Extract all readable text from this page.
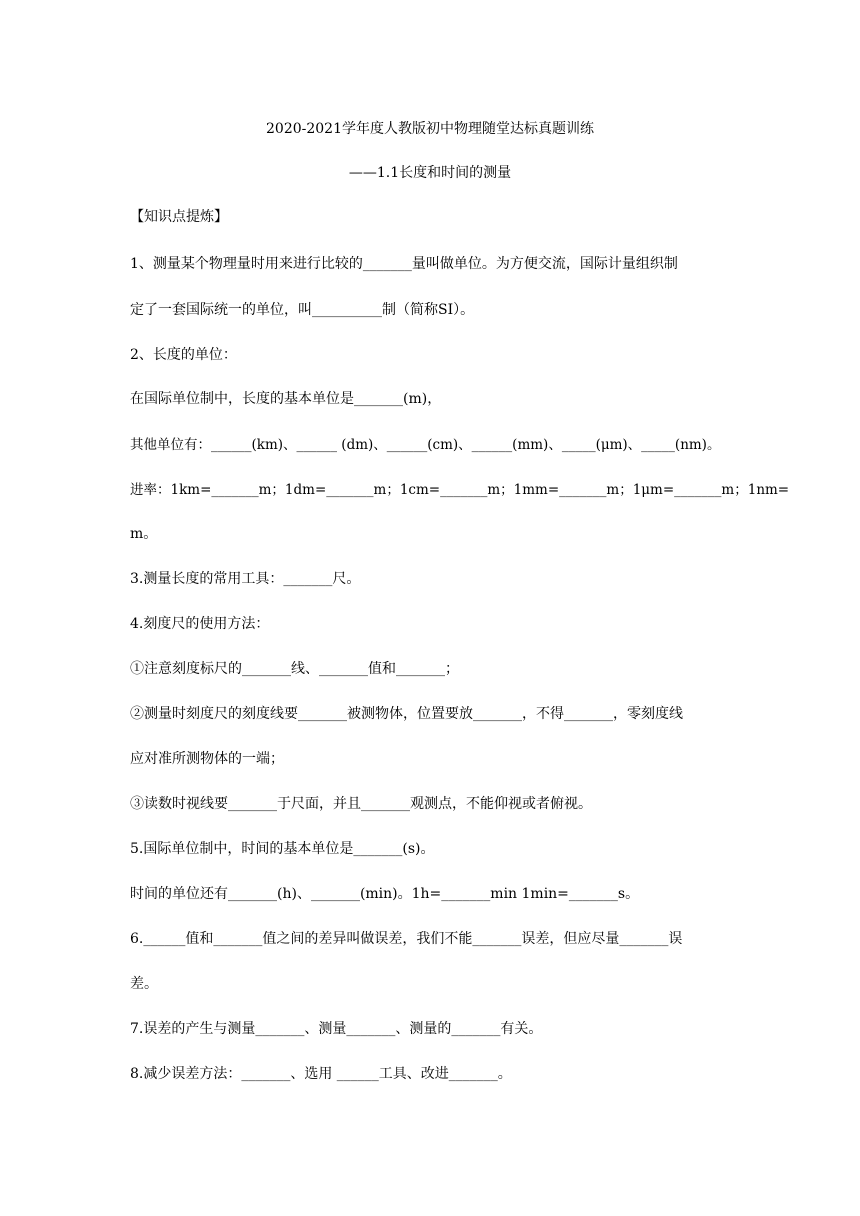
2020-2021学年度人教版初中物理随堂达标真题训练
——1.1长度和时间的测量
【知识点提炼】
1、测量某个物理量时用来进行比较的_______量叫做单位。为方便交流，国际计量组织制
定了一套国际统一的单位，叫__________制（简称SI）。
2、长度的单位：
在国际单位制中，长度的基本单位是_______(m)，
其他单位有：______(km)、______ (dm)、______(cm)、______(mm)、_____(μm)、_____(nm)。
进率：1km=_______m；1dm=_______m；1cm=_______m；1mm=_______m；1μm=_______m；1nm=
m。
3.测量长度的常用工具：_______尺。
4.刻度尺的使用方法：
①注意刻度标尺的_______线、_______值和_______；
②测量时刻度尺的刻度线要_______被测物体，位置要放_______，不得_______，零刻度线
应对准所测物体的一端；
③读数时视线要_______于尺面，并且_______观测点，不能仰视或者俯视。
5.国际单位制中，时间的基本单位是_______(s)。
时间的单位还有_______(h)、_______(min)。1h=_______min 1min=_______s。
6.______值和_______值之间的差异叫做误差，我们不能_______误差，但应尽量_______误
差。
7.误差的产生与测量_______、测量_______、测量的_______有关。
8.减少误差方法：_______、选用 ______工具、改进_______。
